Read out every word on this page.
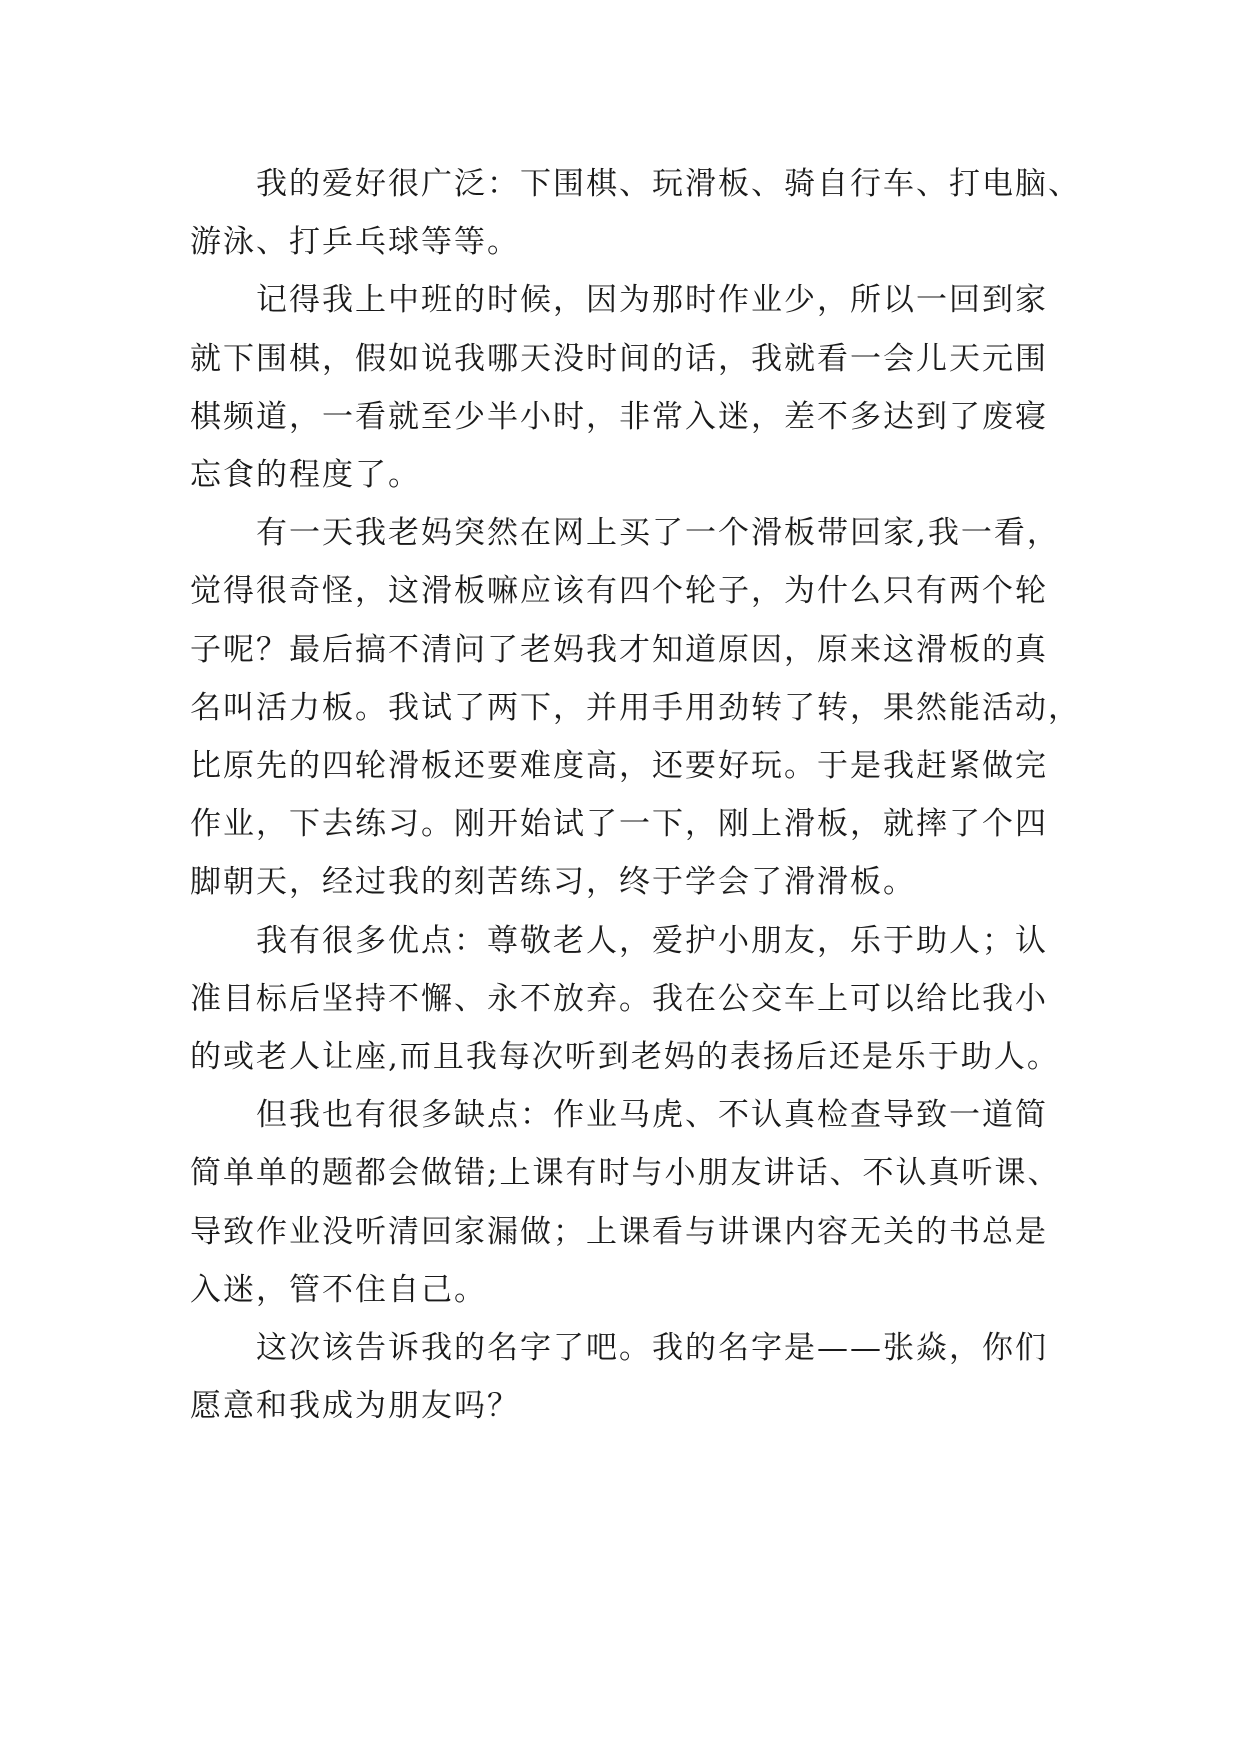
我的爱好很广泛：下围棋、玩滑板、骑自行车、打电脑、
游泳、打乒乓球等等。

记得我上中班的时候，因为那时作业少，所以一回到家
就下围棋，假如说我哪天没时间的话，我就看一会儿天元围
棋频道，一看就至少半小时，非常入迷，差不多达到了废寝
忘食的程度了。

有一天我老妈突然在网上买了一个滑板带回家,我一看，
觉得很奇怪，这滑板嘛应该有四个轮子，为什么只有两个轮
子呢？最后搞不清问了老妈我才知道原因，原来这滑板的真
名叫活力板。我试了两下，并用手用劲转了转，果然能活动，
比原先的四轮滑板还要难度高，还要好玩。于是我赶紧做完
作业，下去练习。刚开始试了一下，刚上滑板，就摔了个四
脚朝天，经过我的刻苦练习，终于学会了滑滑板。

我有很多优点：尊敬老人，爱护小朋友，乐于助人；认
准目标后坚持不懈、永不放弃。我在公交车上可以给比我小
的或老人让座,而且我每次听到老妈的表扬后还是乐于助人。

但我也有很多缺点：作业马虎、不认真检查导致一道简
简单单的题都会做错;上课有时与小朋友讲话、不认真听课、
导致作业没听清回家漏做；上课看与讲课内容无关的书总是
入迷，管不住自己。

这次该告诉我的名字了吧。我的名字是——张焱，你们
愿意和我成为朋友吗？
